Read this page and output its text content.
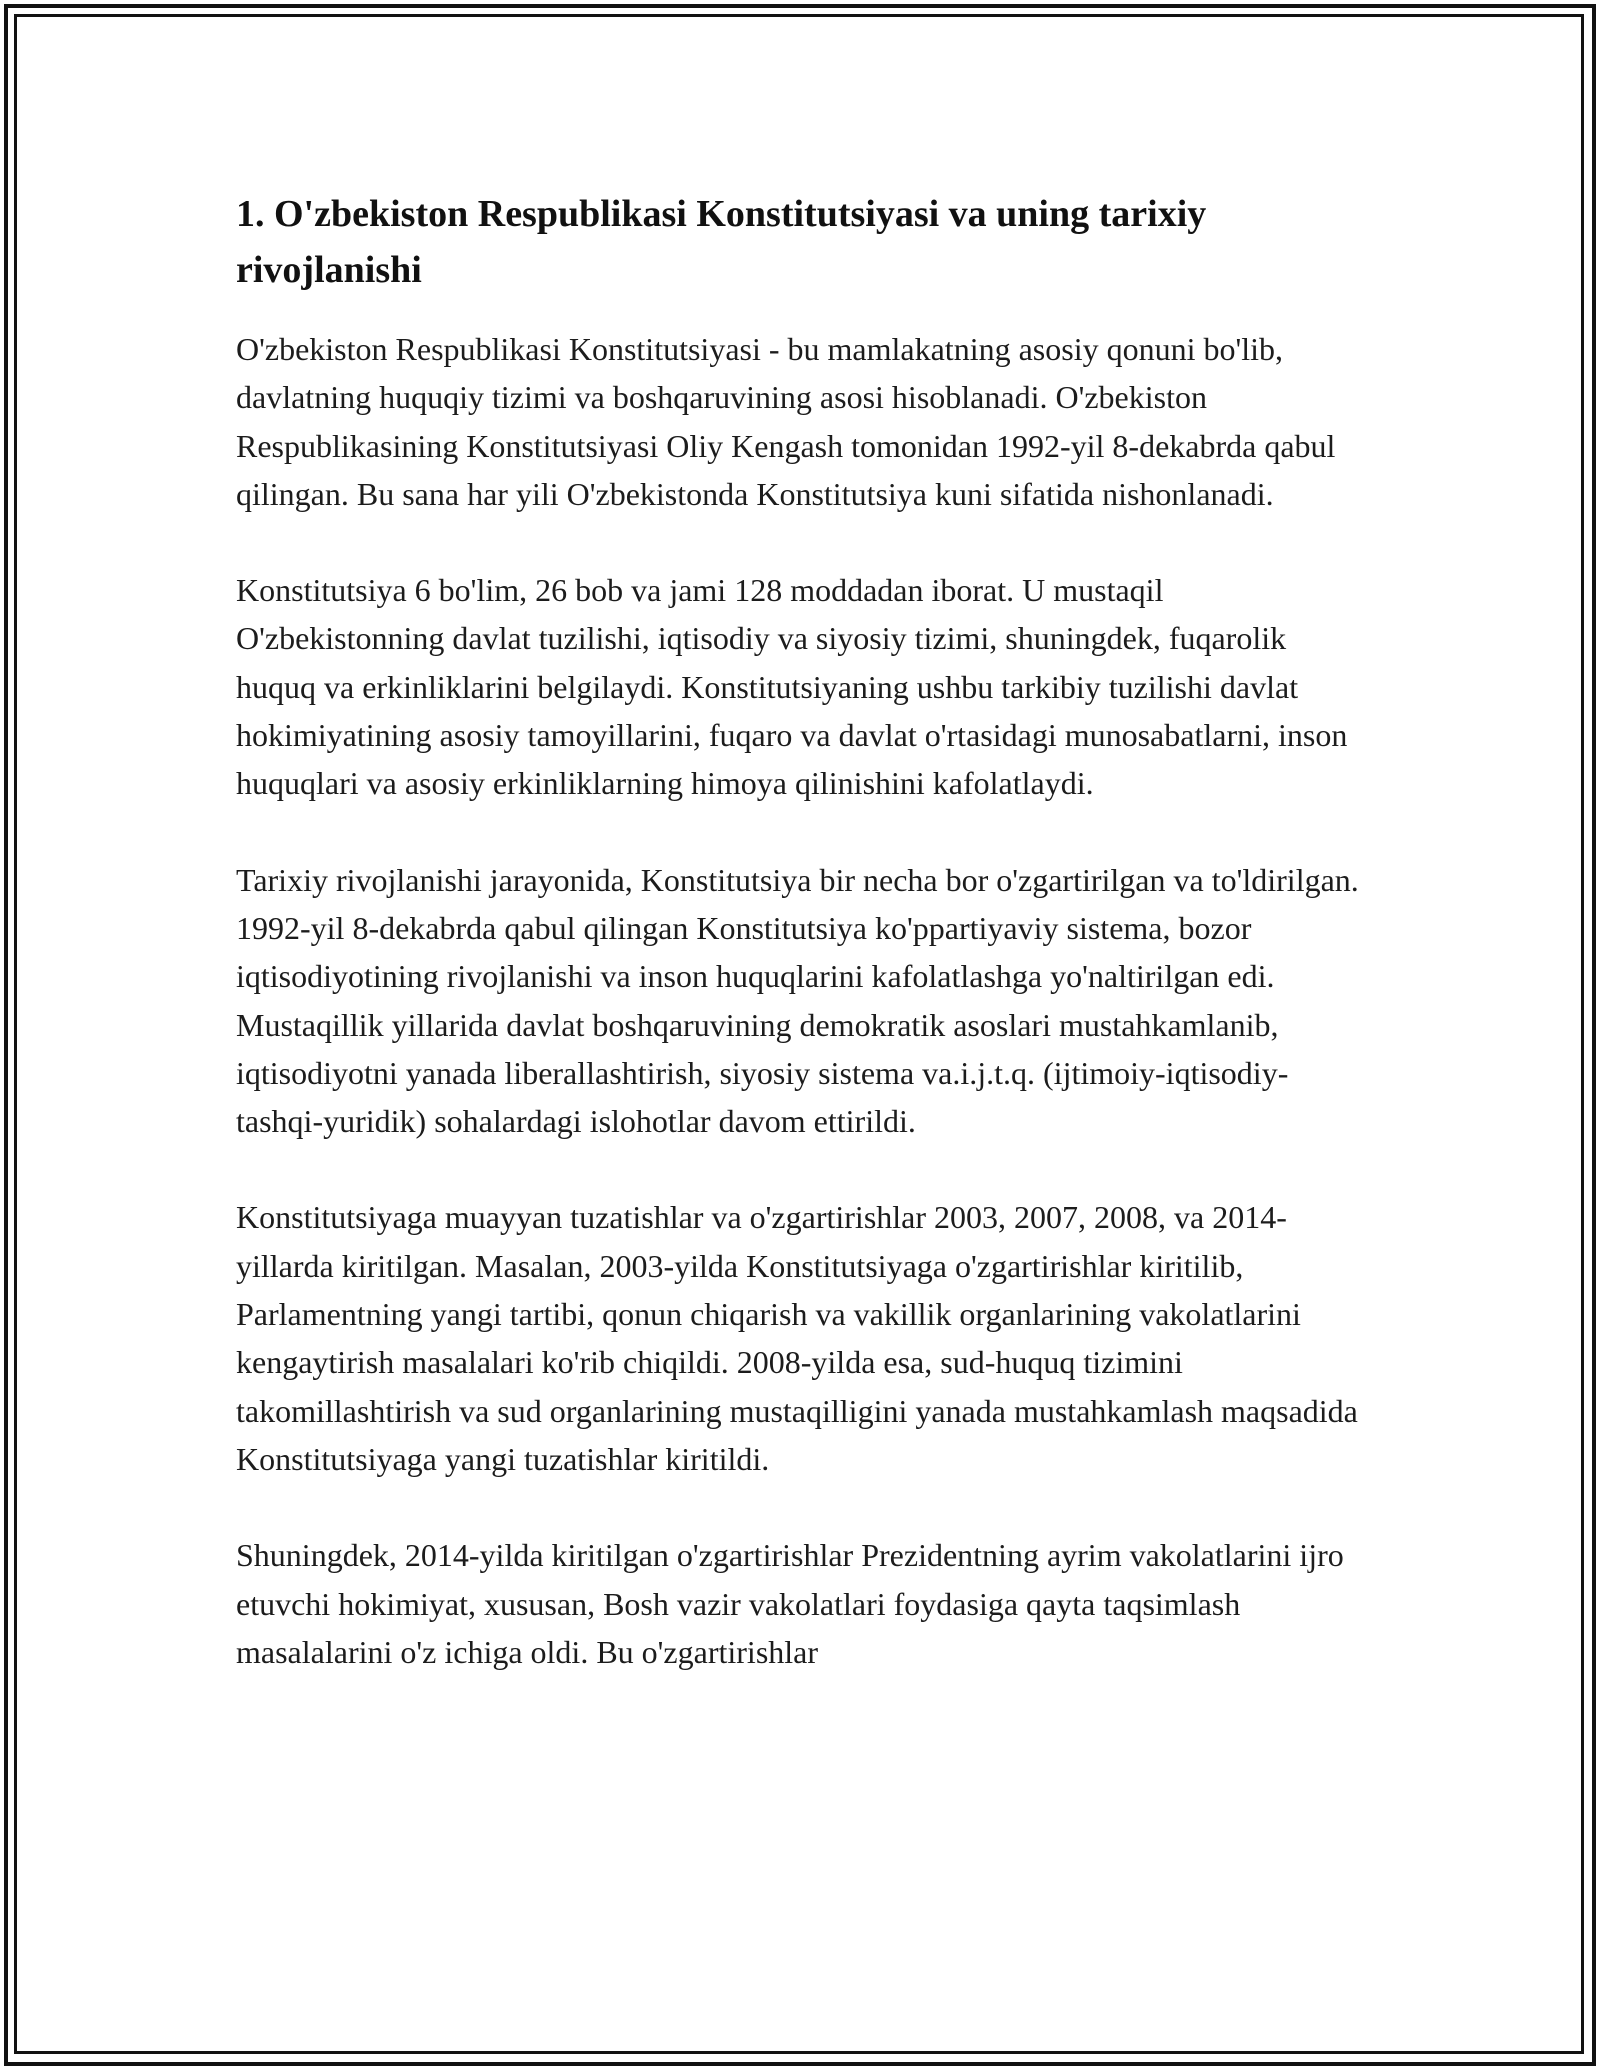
1. O'zbekiston Respublikasi Konstitutsiyasi va uning tarixiy rivojlanishi

O'zbekiston Respublikasi Konstitutsiyasi - bu mamlakatning asosiy qonuni bo'lib, davlatning huquqiy tizimi va boshqaruvining asosi hisoblanadi. O'zbekiston Respublikasining Konstitutsiyasi Oliy Kengash tomonidan 1992-yil 8-dekabrda qabul qilingan. Bu sana har yili O'zbekistonda Konstitutsiya kuni sifatida nishonlanadi.

Konstitutsiya 6 bo'lim, 26 bob va jami 128 moddadan iborat. U mustaqil O'zbekistonning davlat tuzilishi, iqtisodiy va siyosiy tizimi, shuningdek, fuqarolik huquq va erkinliklarini belgilaydi. Konstitutsiyaning ushbu tarkibiy tuzilishi davlat hokimiyatining asosiy tamoyillarini, fuqaro va davlat o'rtasidagi munosabatlarni, inson huquqlari va asosiy erkinliklarning himoya qilinishini kafolatlaydi.

Tarixiy rivojlanishi jarayonida, Konstitutsiya bir necha bor o'zgartirilgan va to'ldirilgan. 1992-yil 8-dekabrda qabul qilingan Konstitutsiya ko'ppartiyaviy sistema, bozor iqtisodiyotining rivojlanishi va inson huquqlarini kafolatlashga yo'naltirilgan edi. Mustaqillik yillarida davlat boshqaruvining demokratik asoslari mustahkamlanib, iqtisodiyotni yanada liberallashtirish, siyosiy sistema va.i.j.t.q. (ijtimoiy-iqtisodiy-tashqi-yuridik) sohalardagi islohotlar davom ettirildi.

Konstitutsiyaga muayyan tuzatishlar va o'zgartirishlar 2003, 2007, 2008, va 2014-yillarda kiritilgan. Masalan, 2003-yilda Konstitutsiyaga o'zgartirishlar kiritilib, Parlamentning yangi tartibi, qonun chiqarish va vakillik organlarining vakolatlarini kengaytirish masalalari ko'rib chiqildi. 2008-yilda esa, sud-huquq tizimini takomillashtirish va sud organlarining mustaqilligini yanada mustahkamlash maqsadida Konstitutsiyaga yangi tuzatishlar kiritildi.

Shuningdek, 2014-yilda kiritilgan o'zgartirishlar Prezidentning ayrim vakolatlarini ijro etuvchi hokimiyat, xususan, Bosh vazir vakolatlari foydasiga qayta taqsimlash masalalarini o'z ichiga oldi. Bu o'zgartirishlar
